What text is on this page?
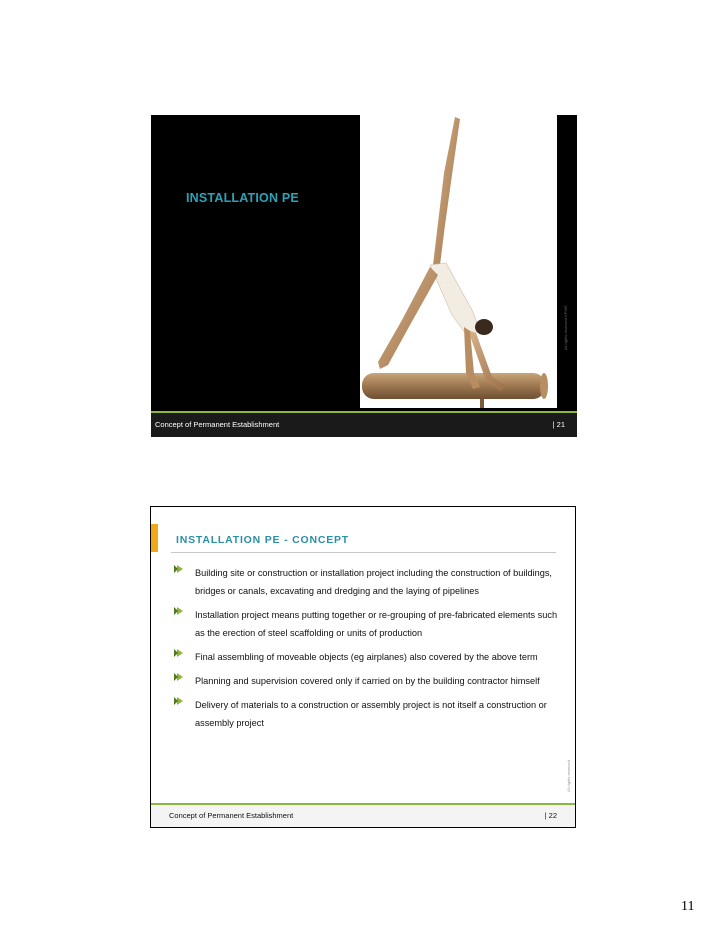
INSTALLATION PE
All rights reserved KPMG
Concept of Permanent Establishment	| 21
INSTALLATION PE - CONCEPT
Building site or construction or installation project including the construction of buildings, bridges or canals, excavating and dredging and the laying of pipelines
Installation project means putting together or re-grouping of pre-fabricated elements such as the erection of steel scaffolding or units of production
Final assembling of moveable objects (eg airplanes) also covered by the above term
Planning and supervision covered only if carried on by the building contractor himself
Delivery of materials to a construction or assembly project is not itself a construction or assembly project
All rights reserved
Concept of Permanent Establishment	| 22
11
